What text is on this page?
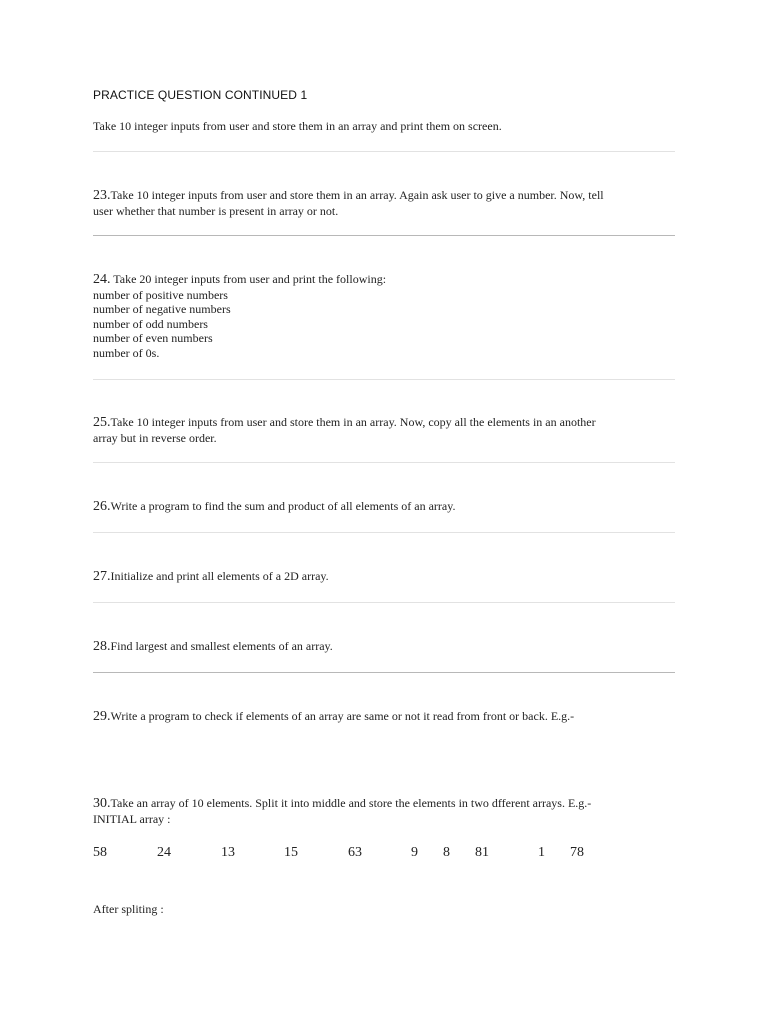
PRACTICE QUESTION CONTINUED 1
Take 10 integer inputs from user and store them in an array and print them on screen.
23.Take 10 integer inputs from user and store them in an array. Again ask user to give a number. Now, tell
user whether that number is present in array or not.
24. Take 20 integer inputs from user and print the following:
number of positive numbers
number of negative numbers
number of odd numbers
number of even numbers
number of 0s.
25.Take 10 integer inputs from user and store them in an array. Now, copy all the elements in an another
array but in reverse order.
26.Write a program to find the sum and product of all elements of an array.
27.Initialize and print all elements of a 2D array.
28.Find largest and smallest elements of an array.
29.Write a program to check if elements of an array are same or not it read from front or back. E.g.-
30.Take an array of 10 elements. Split it into middle and store the elements in two dfferent arrays. E.g.-
INITIAL array :
58	24	13	15	63	9 8 81	1 78
After spliting :
